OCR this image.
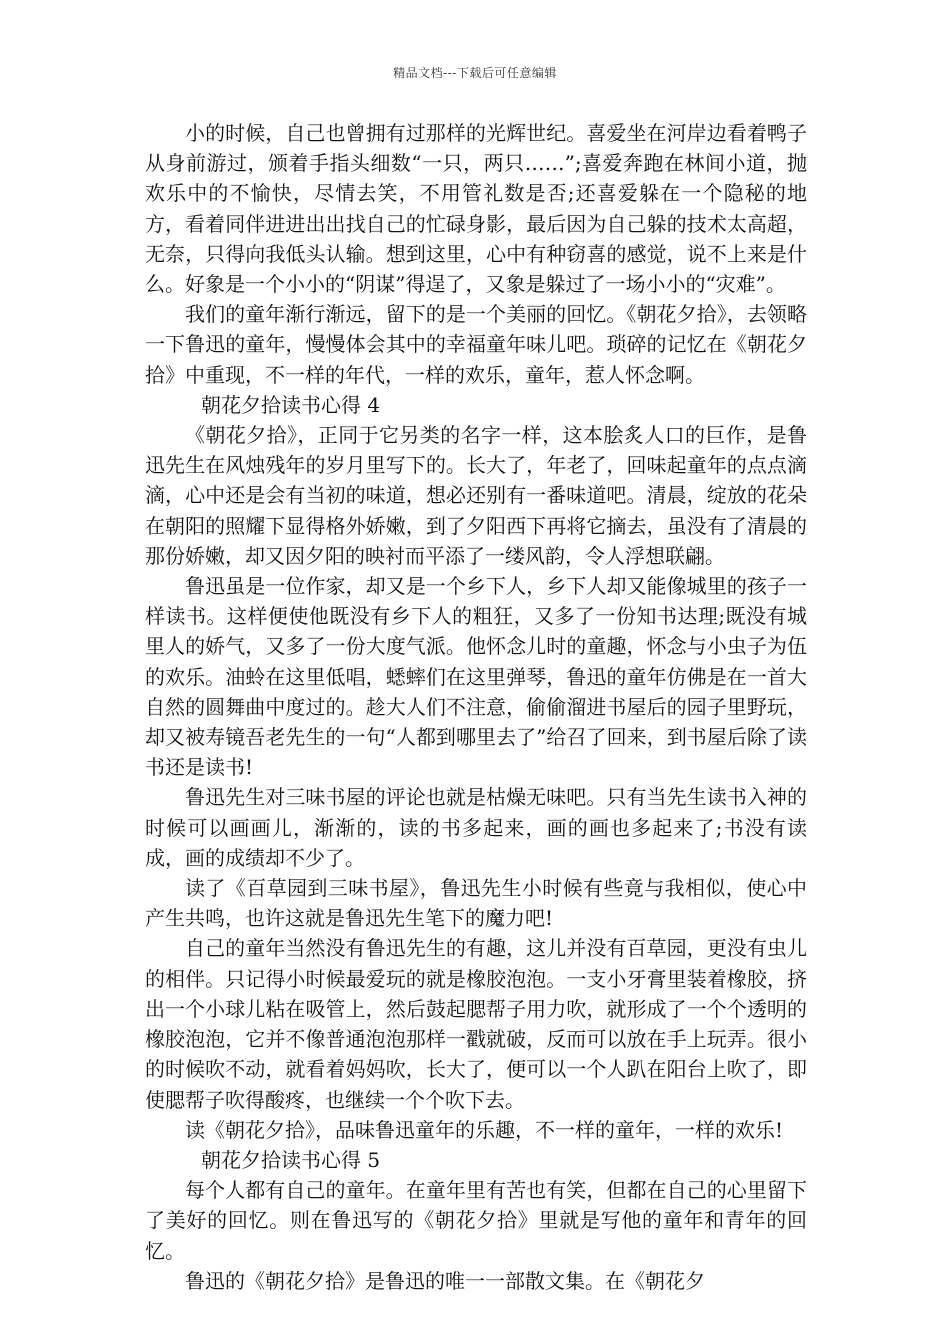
精品文档---下载后可任意编辑

小的时候，自己也曾拥有过那样的光辉世纪。喜爱坐在河岸边看着鸭子从身前游过，颁着手指头细数“一只，两只……”;喜爱奔跑在林间小道，抛欢乐中的不愉快，尽情去笑，不用管礼数是否;还喜爱躲在一个隐秘的地方，看着同伴进进出出找自己的忙碌身影，最后因为自己躲的技术太高超，无奈，只得向我低头认输。想到这里，心中有种窃喜的感觉，说不上来是什么。好象是一个小小的“阴谋”得逞了，又象是躲过了一场小小的“灾难”。

我们的童年渐行渐远，留下的是一个美丽的回忆。《朝花夕拾》，去领略一下鲁迅的童年，慢慢体会其中的幸福童年味儿吧。琐碎的记忆在《朝花夕拾》中重现，不一样的年代，一样的欢乐，童年，惹人怀念啊。

朝花夕拾读书心得 4

《朝花夕拾》，正同于它另类的名字一样，这本脍炙人口的巨作，是鲁迅先生在风烛残年的岁月里写下的。长大了，年老了，回味起童年的点点滴滴，心中还是会有当初的味道，想必还别有一番味道吧。清晨，绽放的花朵在朝阳的照耀下显得格外娇嫩，到了夕阳西下再将它摘去，虽没有了清晨的那份娇嫩，却又因夕阳的映衬而平添了一缕风韵，令人浮想联翩。

鲁迅虽是一位作家，却又是一个乡下人，乡下人却又能像城里的孩子一样读书。这样便使他既没有乡下人的粗狂，又多了一份知书达理;既没有城里人的娇气，又多了一份大度气派。他怀念儿时的童趣，怀念与小虫子为伍的欢乐。油蛉在这里低唱，蟋蟀们在这里弹琴，鲁迅的童年仿佛是在一首大自然的圆舞曲中度过的。趁大人们不注意，偷偷溜进书屋后的园子里野玩，却又被寿镜吾老先生的一句“人都到哪里去了”给召了回来，到书屋后除了读书还是读书!

鲁迅先生对三味书屋的评论也就是枯燥无味吧。只有当先生读书入神的时候可以画画儿，渐渐的，读的书多起来，画的画也多起来了;书没有读成，画的成绩却不少了。

读了《百草园到三味书屋》，鲁迅先生小时候有些竟与我相似，使心中产生共鸣，也许这就是鲁迅先生笔下的魔力吧!

自己的童年当然没有鲁迅先生的有趣，这儿并没有百草园，更没有虫儿的相伴。只记得小时候最爱玩的就是橡胶泡泡。一支小牙膏里装着橡胶，挤出一个小球儿粘在吸管上，然后鼓起腮帮子用力吹，就形成了一个个透明的橡胶泡泡，它并不像普通泡泡那样一戳就破，反而可以放在手上玩弄。很小的时候吹不动，就看着妈妈吹，长大了，便可以一个人趴在阳台上吹了，即使腮帮子吹得酸疼，也继续一个个吹下去。

读《朝花夕拾》，品味鲁迅童年的乐趣，不一样的童年，一样的欢乐!

朝花夕拾读书心得 5

每个人都有自己的童年。在童年里有苦也有笑，但都在自己的心里留下了美好的回忆。则在鲁迅写的《朝花夕拾》里就是写他的童年和青年的回忆。

鲁迅的《朝花夕拾》是鲁迅的唯一一部散文集。在《朝花夕
